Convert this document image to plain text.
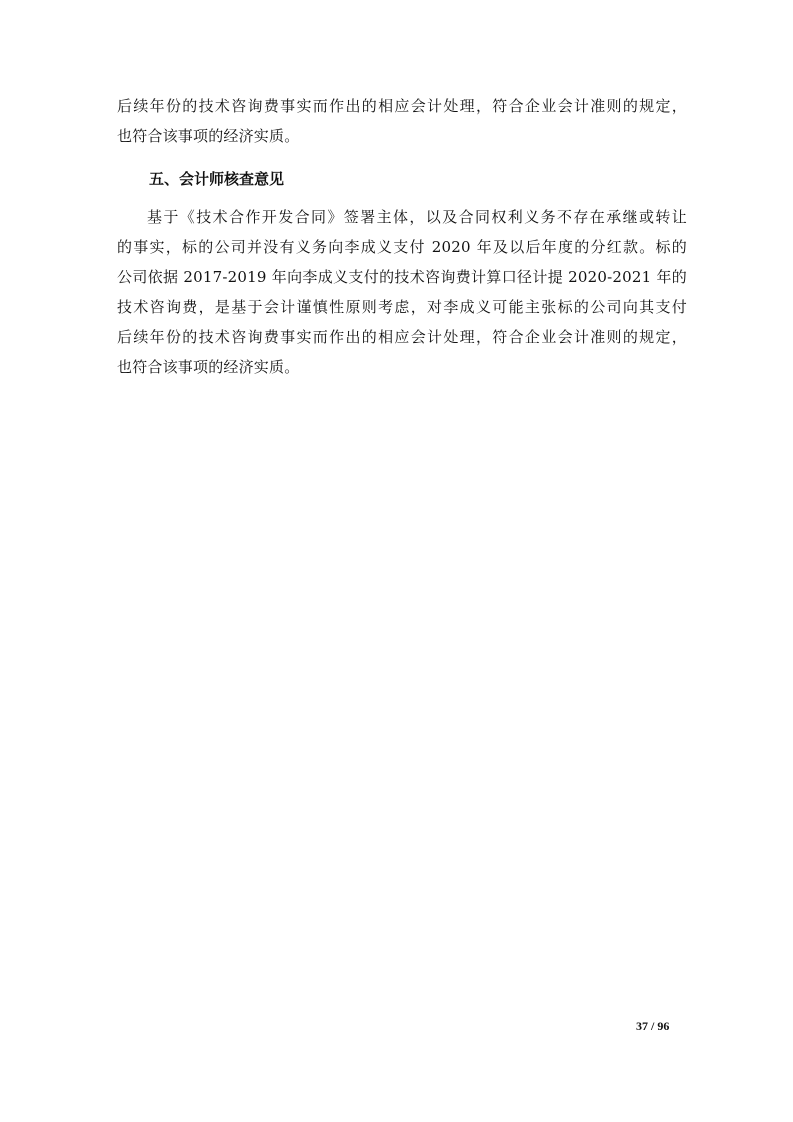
后续年份的技术咨询费事实而作出的相应会计处理，符合企业会计准则的规定，
也符合该事项的经济实质。
五、会计师核查意见
基于《技术合作开发合同》签署主体，以及合同权利义务不存在承继或转让
的事实，标的公司并没有义务向李成义支付 2020 年及以后年度的分红款。标的
公司依据 2017-2019 年向李成义支付的技术咨询费计算口径计提 2020-2021 年的
技术咨询费，是基于会计谨慎性原则考虑，对李成义可能主张标的公司向其支付
后续年份的技术咨询费事实而作出的相应会计处理，符合企业会计准则的规定，
也符合该事项的经济实质。
37 / 96
